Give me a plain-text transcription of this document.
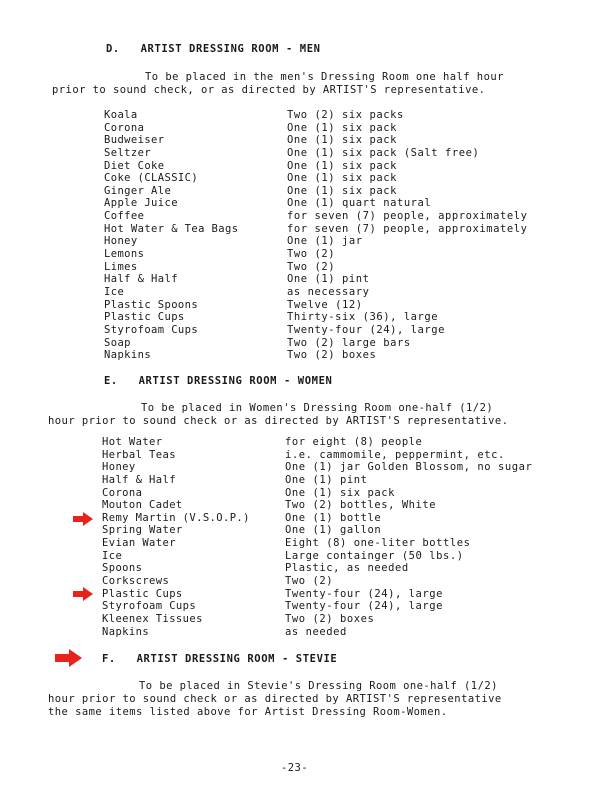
D.   ARTIST DRESSING ROOM - MEN
To be placed in the men's Dressing Room one half hour
prior to sound check, or as directed by ARTIST'S representative.
Koala	Two (2) six packs
Corona	One (1) six pack
Budweiser	One (1) six pack
Seltzer	One (1) six pack (Salt free)
Diet Coke	One (1) six pack
Coke (CLASSIC)	One (1) six pack
Ginger Ale	One (1) six pack
Apple Juice	One (1) quart natural
Coffee	for seven (7) people, approximately
Hot Water & Tea Bags	for seven (7) people, approximately
Honey	One (1) jar
Lemons	Two (2)
Limes	Two (2)
Half & Half	One (1) pint
Ice	as necessary
Plastic Spoons	Twelve (12)
Plastic Cups	Thirty-six (36), large
Styrofoam Cups	Twenty-four (24), large
Soap	Two (2) large bars
Napkins	Two (2) boxes
E.   ARTIST DRESSING ROOM - WOMEN
To be placed in Women's Dressing Room one-half (1/2)
hour prior to sound check or as directed by ARTIST'S representative.
Hot Water	for eight (8) people
Herbal Teas	i.e. cammomile, peppermint, etc.
Honey	One (1) jar Golden Blossom, no sugar
Half & Half	One (1) pint
Corona	One (1) six pack
Mouton Cadet	Two (2) bottles, White
Remy Martin (V.S.O.P.)	One (1) bottle
Spring Water	One (1) gallon
Evian Water	Eight (8) one-liter bottles
Ice	Large containger (50 lbs.)
Spoons	Plastic, as needed
Corkscrews	Two (2)
Plastic Cups	Twenty-four (24), large
Styrofoam Cups	Twenty-four (24), large
Kleenex Tissues	Two (2) boxes
Napkins	as needed
F.   ARTIST DRESSING ROOM - STEVIE
To be placed in Stevie's Dressing Room one-half (1/2)
hour prior to sound check or as directed by ARTIST'S representative
the same items listed above for Artist Dressing Room-Women.
-23-
